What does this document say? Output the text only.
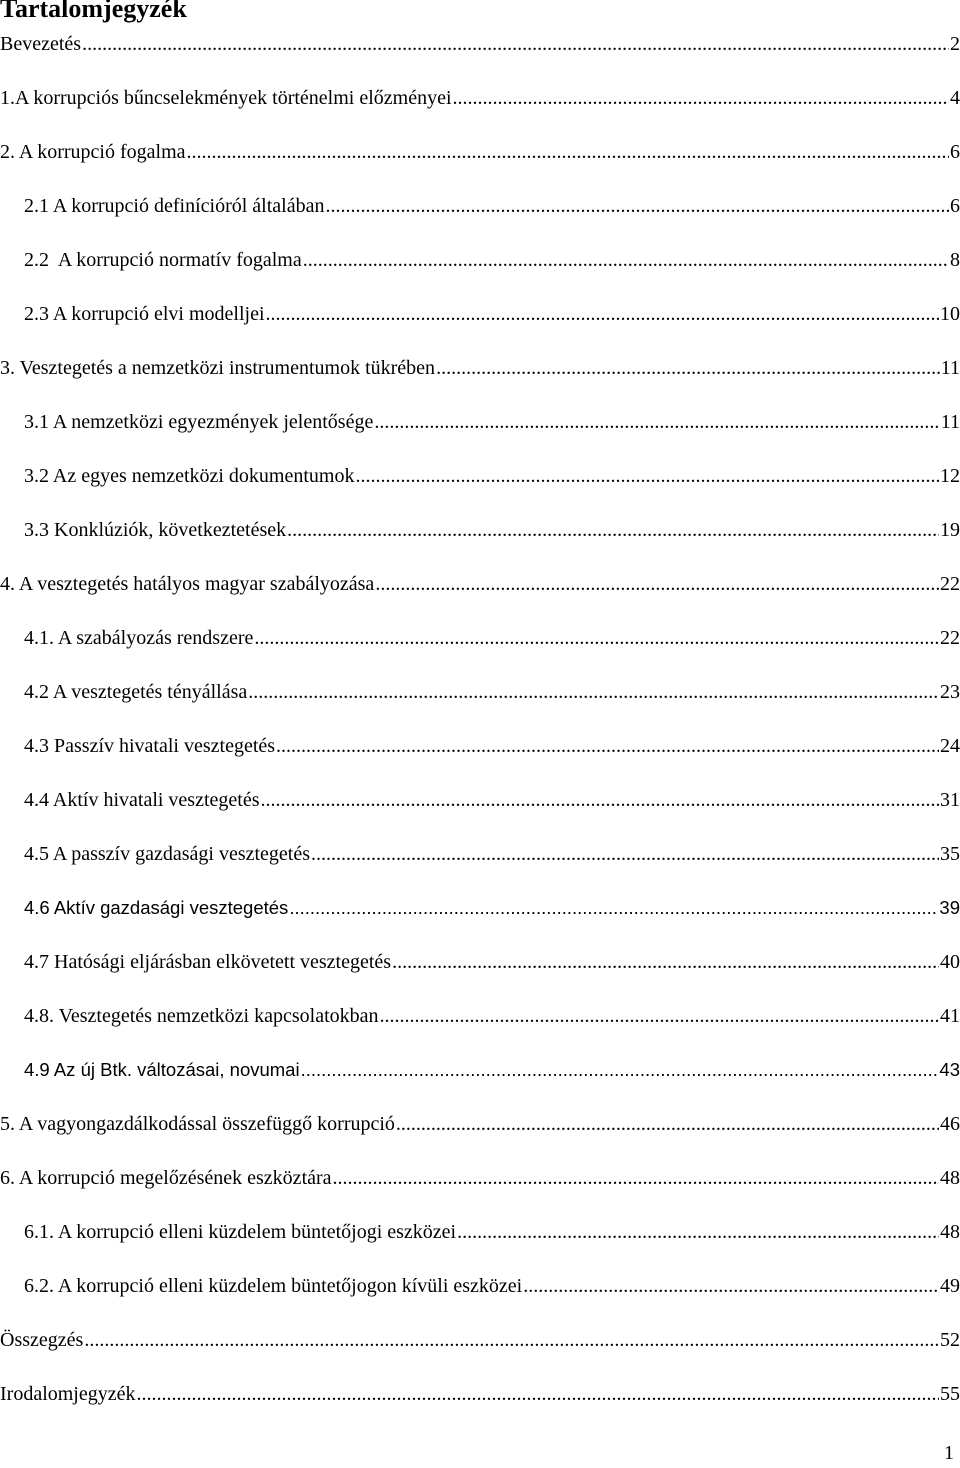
Tartalomjegyzék
Bevezetés .....	2
1.A korrupciós bűncselekmények történelmi előzményei .....	4
2. A korrupció fogalma .....	6
2.1 A korrupció definícióról általában .....	6
2.2  A korrupció normatív fogalma .....	8
2.3 A korrupció elvi modelljei .....	10
3. Vesztegetés a nemzetközi instrumentumok tükrében .....	11
3.1 A nemzetközi egyezmények jelentősége .....	11
3.2 Az egyes nemzetközi dokumentumok .....	12
3.3 Konklúziók, következtetések .....	19
4. A vesztegetés hatályos magyar szabályozása .....	22
4.1. A szabályozás rendszere .....	22
4.2 A vesztegetés tényállása .....	23
4.3 Passzív hivatali vesztegetés .....	24
4.4 Aktív hivatali vesztegetés .....	31
4.5 A passzív gazdasági vesztegetés .....	35
4.6 Aktív gazdasági vesztegetés .....	39
4.7 Hatósági eljárásban elkövetett vesztegetés .....	40
4.8. Vesztegetés nemzetközi kapcsolatokban .....	41
4.9 Az új Btk. változásai, novumai .....	43
5. A vagyongazdálkodással összefüggő korrupció .....	46
6. A korrupció megelőzésének eszköztára .....	48
6.1. A korrupció elleni küzdelem büntetőjogi eszközei .....	48
6.2. A korrupció elleni küzdelem büntetőjogon kívüli eszközei .....	49
Összegzés .....	52
Irodalomjegyzék .....	55
1
